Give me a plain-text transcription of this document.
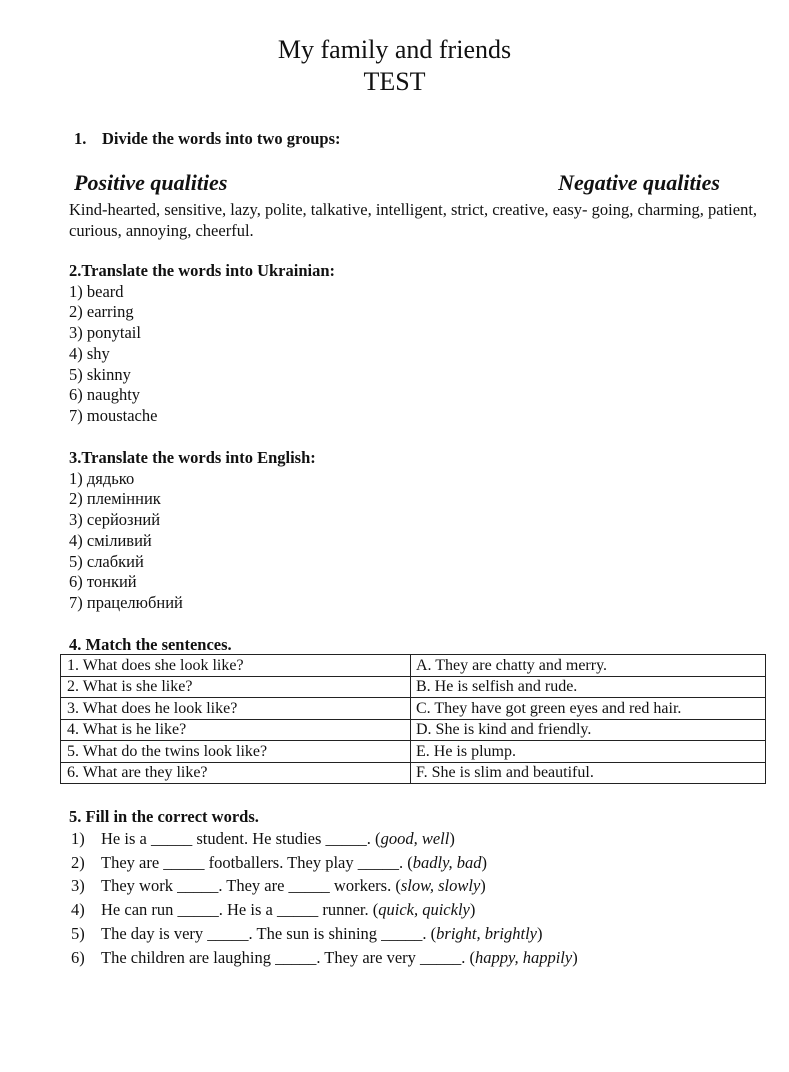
My family and friends
TEST
1. Divide the words into two groups:
Positive qualities	Negative qualities
Kind-hearted, sensitive, lazy, polite, talkative, intelligent, strict, creative, easy- going, charming, patient, curious, annoying, cheerful.
2.Translate the words into Ukrainian:
1) beard
2) earring
3) ponytail
4) shy
5) skinny
6) naughty
7) moustache
3.Translate the words into English:
1) дядько
2) племінник
3) серйозний
4) сміливий
5) слабкий
6) тонкий
7) працелюбний
4. Match the sentences.
1. What does she look like?	A. They are chatty and merry.
2. What is she like?	B. He is selfish and rude.
3. What does he look like?	C. They have got green eyes and red hair.
4. What is he like?	D. She is kind and friendly.
5. What do the twins look like?	E. He is plump.
6. What are they like?	F. She is slim and beautiful.
5. Fill in the correct words.
1) He is a _____ student. He studies _____. (good, well)
2) They are _____ footballers. They play _____. (badly, bad)
3) They work _____. They are _____ workers. (slow, slowly)
4) He can run _____. He is a _____ runner. (quick, quickly)
5) The day is very _____. The sun is shining _____. (bright, brightly)
6) The children are laughing _____. They are very _____. (happy, happily)
